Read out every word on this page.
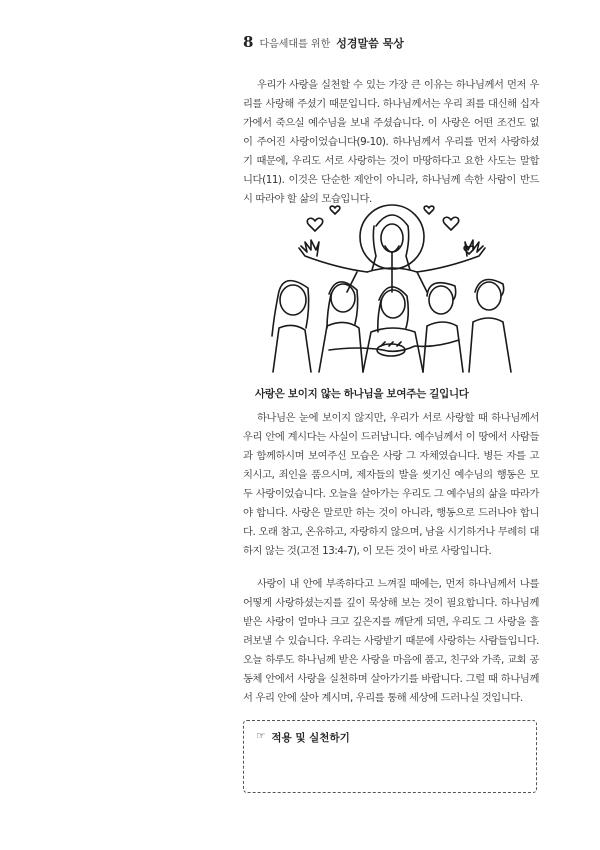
8 다음세대를 위한 성경말씀 묵상

우리가 사랑을 실천할 수 있는 가장 큰 이유는 하나님께서 먼저 우리를 사랑해 주셨기 때문입니다. 하나님께서는 우리 죄를 대신해 십자가에서 죽으실 예수님을 보내 주셨습니다. 이 사랑은 어떤 조건도 없이 주어진 사랑이었습니다(9-10). 하나님께서 우리를 먼저 사랑하셨기 때문에, 우리도 서로 사랑하는 것이 마땅하다고 요한 사도는 말합니다(11). 이것은 단순한 제안이 아니라, 하나님께 속한 사람이 반드시 따라야 할 삶의 모습입니다.

사랑은 보이지 않는 하나님을 보여주는 길입니다

하나님은 눈에 보이지 않지만, 우리가 서로 사랑할 때 하나님께서 우리 안에 계시다는 사실이 드러납니다. 예수님께서 이 땅에서 사람들과 함께하시며 보여주신 모습은 사랑 그 자체였습니다. 병든 자를 고치시고, 죄인을 품으시며, 제자들의 발을 씻기신 예수님의 행동은 모두 사랑이었습니다. 오늘을 살아가는 우리도 그 예수님의 삶을 따라가야 합니다. 사랑은 말로만 하는 것이 아니라, 행동으로 드러나야 합니다. 오래 참고, 온유하고, 자랑하지 않으며, 남을 시기하거나 무례히 대하지 않는 것(고전 13:4-7), 이 모든 것이 바로 사랑입니다.

사랑이 내 안에 부족하다고 느껴질 때에는, 먼저 하나님께서 나를 어떻게 사랑하셨는지를 깊이 묵상해 보는 것이 필요합니다. 하나님께 받은 사랑이 얼마나 크고 깊은지를 깨닫게 되면, 우리도 그 사랑을 흘려보낼 수 있습니다. 우리는 사랑받기 때문에 사랑하는 사람들입니다. 오늘 하루도 하나님께 받은 사랑을 마음에 품고, 친구와 가족, 교회 공동체 안에서 사랑을 실천하며 살아가기를 바랍니다. 그럴 때 하나님께서 우리 안에 살아 계시며, 우리를 통해 세상에 드러나실 것입니다.

☞ 적용 및 실천하기
